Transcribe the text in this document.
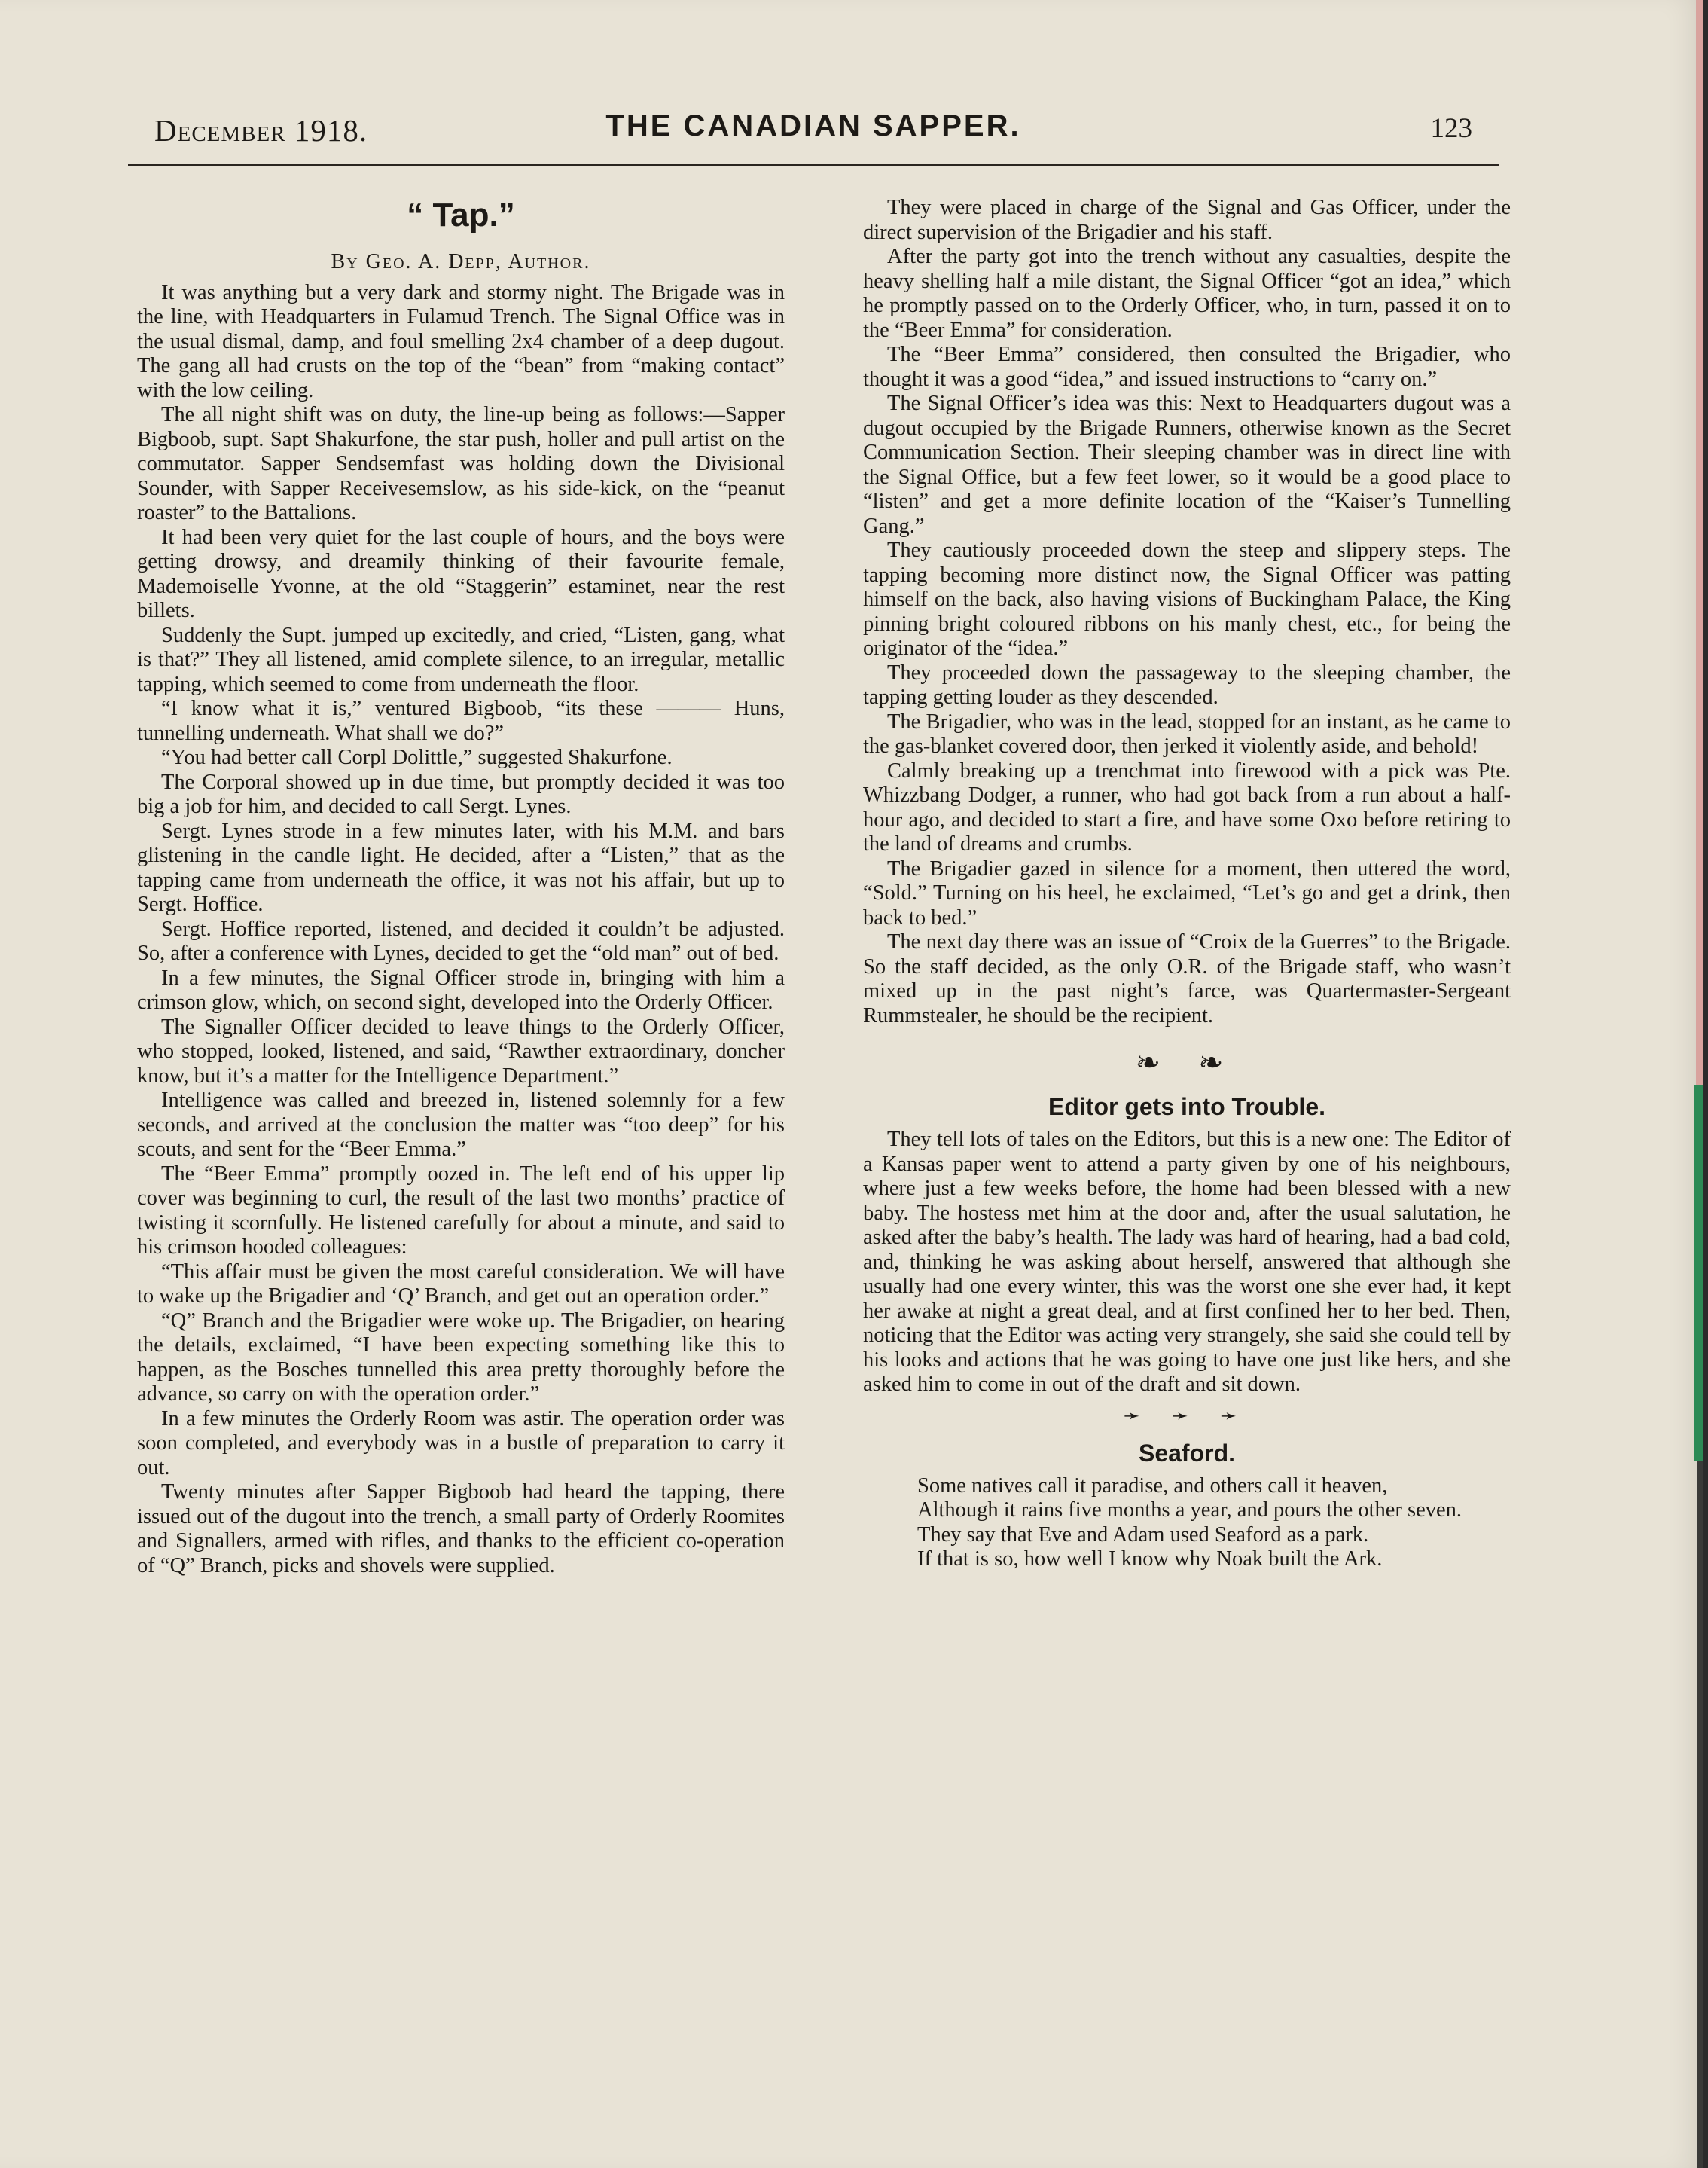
December 1918.	THE CANADIAN SAPPER.	123
“ Tap.”
By Geo. A. Depp, Author.

It was anything but a very dark and stormy night. The Brigade was in the line, with Headquarters in Fulamud Trench. The Signal Office was in the usual dismal, damp, and foul smelling 2x4 chamber of a deep dugout. The gang all had crusts on the top of the “bean” from “making contact” with the low ceiling.

The all night shift was on duty, the line-up being as follows:—Sapper Bigboob, supt. Sapt Shakurfone, the star push, holler and pull artist on the commutator. Sapper Sendsemfast was holding down the Divisional Sounder, with Sapper Receivesemslow, as his side-kick, on the “peanut roaster” to the Battalions.

It had been very quiet for the last couple of hours, and the boys were getting drowsy, and dreamily thinking of their favourite female, Mademoiselle Yvonne, at the old “Staggerin” estaminet, near the rest billets.

Suddenly the Supt. jumped up excitedly, and cried, “Listen, gang, what is that?” They all listened, amid complete silence, to an irregular, metallic tapping, which seemed to come from underneath the floor.

“I know what it is,” ventured Bigboob, “its these ——— Huns, tunnelling underneath. What shall we do?”

“You had better call Corpl Dolittle,” suggested Shakurfone.

The Corporal showed up in due time, but promptly decided it was too big a job for him, and decided to call Sergt. Lynes.

Sergt. Lynes strode in a few minutes later, with his M.M. and bars glistening in the candle light. He decided, after a “Listen,” that as the tapping came from underneath the office, it was not his affair, but up to Sergt. Hoffice.

Sergt. Hoffice reported, listened, and decided it couldn’t be adjusted. So, after a conference with Lynes, decided to get the “old man” out of bed.

In a few minutes, the Signal Officer strode in, bringing with him a crimson glow, which, on second sight, developed into the Orderly Officer.

The Signaller Officer decided to leave things to the Orderly Officer, who stopped, looked, listened, and said, “Rawther extraordinary, doncher know, but it’s a matter for the Intelligence Department.”

Intelligence was called and breezed in, listened solemnly for a few seconds, and arrived at the conclusion the matter was “too deep” for his scouts, and sent for the “Beer Emma.”

The “Beer Emma” promptly oozed in. The left end of his upper lip cover was beginning to curl, the result of the last two months’ practice of twisting it scornfully. He listened carefully for about a minute, and said to his crimson hooded colleagues:

“This affair must be given the most careful consideration. We will have to wake up the Brigadier and ‘Q’ Branch, and get out an operation order.”

“Q” Branch and the Brigadier were woke up. The Brigadier, on hearing the details, exclaimed, “I have been expecting something like this to happen, as the Bosches tunnelled this area pretty thoroughly before the advance, so carry on with the operation order.”

In a few minutes the Orderly Room was astir. The operation order was soon completed, and everybody was in a bustle of preparation to carry it out.

Twenty minutes after Sapper Bigboob had heard the tapping, there issued out of the dugout into the trench, a small party of Orderly Roomites and Signallers, armed with rifles, and thanks to the efficient co-operation of “Q” Branch, picks and shovels were supplied.

They were placed in charge of the Signal and Gas Officer, under the direct supervision of the Brigadier and his staff.

After the party got into the trench without any casualties, despite the heavy shelling half a mile distant, the Signal Officer “got an idea,” which he promptly passed on to the Orderly Officer, who, in turn, passed it on to the “Beer Emma” for consideration.

The “Beer Emma” considered, then consulted the Brigadier, who thought it was a good “idea,” and issued instructions to “carry on.”

The Signal Officer’s idea was this: Next to Headquarters dugout was a dugout occupied by the Brigade Runners, otherwise known as the Secret Communication Section. Their sleeping chamber was in direct line with the Signal Office, but a few feet lower, so it would be a good place to “listen” and get a more definite location of the “Kaiser’s Tunnelling Gang.”

They cautiously proceeded down the steep and slippery steps. The tapping becoming more distinct now, the Signal Officer was patting himself on the back, also having visions of Buckingham Palace, the King pinning bright coloured ribbons on his manly chest, etc., for being the originator of the “idea.”

They proceeded down the passageway to the sleeping chamber, the tapping getting louder as they descended.

The Brigadier, who was in the lead, stopped for an instant, as he came to the gas-blanket covered door, then jerked it violently aside, and behold!

Calmly breaking up a trenchmat into firewood with a pick was Pte. Whizzbang Dodger, a runner, who had got back from a run about a half-hour ago, and decided to start a fire, and have some Oxo before retiring to the land of dreams and crumbs.

The Brigadier gazed in silence for a moment, then uttered the word, “Sold.” Turning on his heel, he exclaimed, “Let’s go and get a drink, then back to bed.”

The next day there was an issue of “Croix de la Guerres” to the Brigade. So the staff decided, as the only O.R. of the Brigade staff, who wasn’t mixed up in the past night’s farce, was Quartermaster-Sergeant Rummstealer, he should be the recipient.

❧ ❧
Editor gets into Trouble.

They tell lots of tales on the Editors, but this is a new one: The Editor of a Kansas paper went to attend a party given by one of his neighbours, where just a few weeks before, the home had been blessed with a new baby. The hostess met him at the door and, after the usual salutation, he asked after the baby’s health. The lady was hard of hearing, had a bad cold, and, thinking he was asking about herself, answered that although she usually had one every winter, this was the worst one she ever had, it kept her awake at night a great deal, and at first confined her to her bed. Then, noticing that the Editor was acting very strangely, she said she could tell by his looks and actions that he was going to have one just like hers, and she asked him to come in out of the draft and sit down.

➛ ➛ ➛
Seaford.

Some natives call it paradise, and others call it heaven,

Although it rains five months a year, and pours the other seven.

They say that Eve and Adam used Seaford as a park.

If that is so, how well I know why Noak built the Ark.
